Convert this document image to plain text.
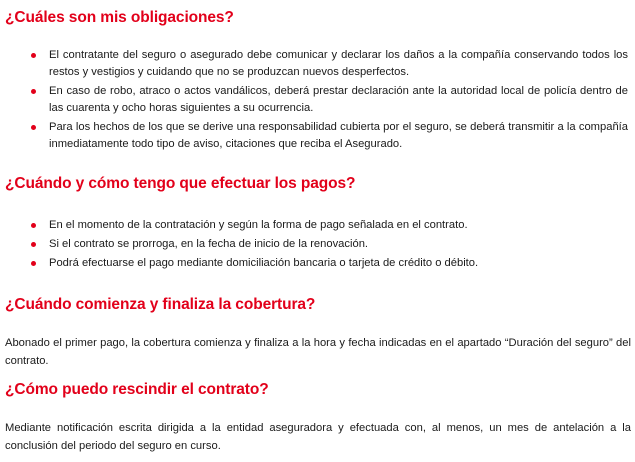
¿Cuáles son mis obligaciones?
El contratante del seguro o asegurado debe comunicar y declarar los daños a la compañía conservando todos los restos y vestigios y cuidando que no se produzcan nuevos desperfectos.
En caso de robo, atraco o actos vandálicos, deberá prestar declaración ante la autoridad local de policía dentro de las cuarenta y ocho horas siguientes a su ocurrencia.
Para los hechos de los que se derive una responsabilidad cubierta por el seguro, se deberá transmitir a la compañía inmediatamente todo tipo de aviso, citaciones que reciba el Asegurado.
¿Cuándo y cómo tengo que efectuar los pagos?
En el momento de la contratación y según la forma de pago señalada en el contrato.
Si el contrato se prorroga, en la fecha de inicio de la renovación.
Podrá efectuarse el pago mediante domiciliación bancaria o tarjeta de crédito o débito.
¿Cuándo comienza y finaliza la cobertura?

Abonado el primer pago, la cobertura comienza y finaliza a la hora y fecha indicadas en el apartado “Duración del seguro” del contrato.

¿Cómo puedo rescindir el contrato?

Mediante notificación escrita dirigida a la entidad aseguradora y efectuada con, al menos, un mes de antelación a la conclusión del periodo del seguro en curso.
